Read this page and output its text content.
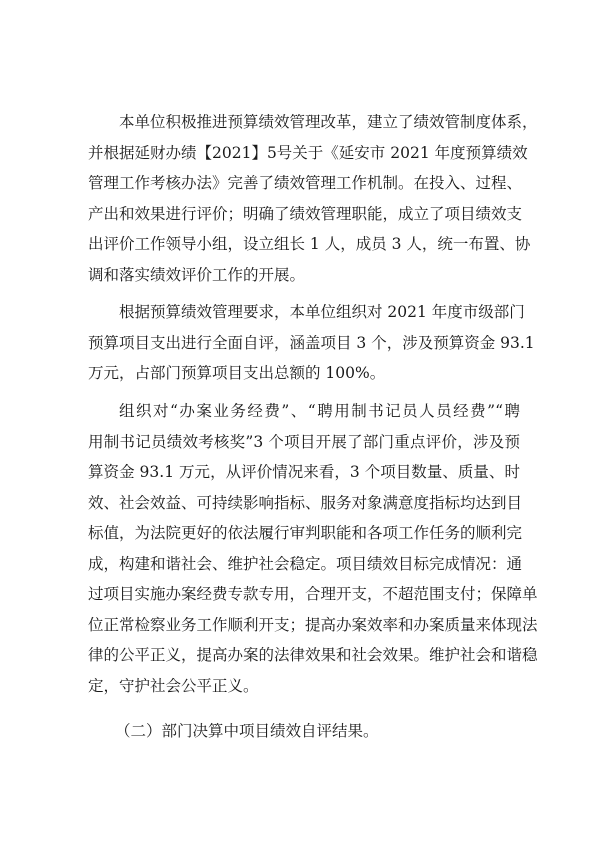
本单位积极推进预算绩效管理改革，建立了绩效管制度体系，
并根据延财办绩【2021】5号关于《延安市 2021 年度预算绩效
管理工作考核办法》完善了绩效管理工作机制。在投入、过程、
产出和效果进行评价；明确了绩效管理职能，成立了项目绩效支
出评价工作领导小组，设立组长 1 人，成员 3 人，统一布置、协
调和落实绩效评价工作的开展。
根据预算绩效管理要求，本单位组织对 2021 年度市级部门
预算项目支出进行全面自评，涵盖项目 3 个，涉及预算资金 93.1
万元，占部门预算项目支出总额的 100%。
组织对“办案业务经费”、“聘用制书记员人员经费”“聘
用制书记员绩效考核奖”3 个项目开展了部门重点评价，涉及预
算资金 93.1 万元，从评价情况来看，3 个项目数量、质量、时
效、社会效益、可持续影响指标、服务对象满意度指标均达到目
标值，为法院更好的依法履行审判职能和各项工作任务的顺利完
成，构建和谐社会、维护社会稳定。项目绩效目标完成情况：通
过项目实施办案经费专款专用，合理开支，不超范围支付；保障单
位正常检察业务工作顺利开支；提高办案效率和办案质量来体现法
律的公平正义，提高办案的法律效果和社会效果。维护社会和谐稳
定，守护社会公平正义。
（二）部门决算中项目绩效自评结果。
